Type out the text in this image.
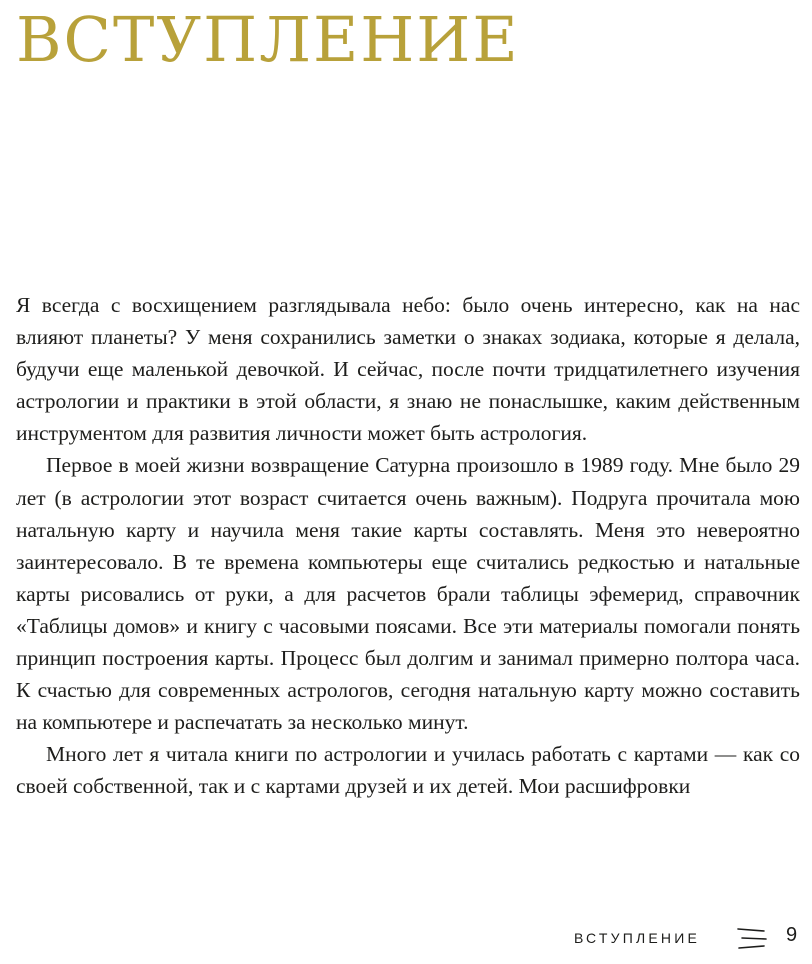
ВСТУПЛЕНИЕ

Я всегда с восхищением разглядывала небо: было очень интересно, как на нас влияют планеты? У меня сохранились заметки о знаках зодиака, которые я делала, будучи еще маленькой девочкой. И сейчас, после почти тридцатилетнего изучения астрологии и практики в этой области, я знаю не понаслышке, каким действенным инструментом для развития личности может быть астрология.

Первое в моей жизни возвращение Сатурна произошло в 1989 году. Мне было 29 лет (в астрологии этот возраст считается очень важным). Подруга прочитала мою натальную карту и научила меня такие карты составлять. Меня это невероятно заинтересовало. В те времена компьютеры еще считались редкостью и натальные карты рисовались от руки, а для расчетов брали таблицы эфемерид, справочник «Таблицы домов» и книгу с часовыми поясами. Все эти материалы помогали понять принцип построения карты. Процесс был долгим и занимал примерно полтора часа. К счастью для современных астрологов, сегодня натальную карту можно составить на компьютере и распечатать за несколько минут.

Много лет я читала книги по астрологии и училась работать с картами — как со своей собственной, так и с картами друзей и их детей. Мои расшифровки

ВСТУПЛЕНИЕ	9
